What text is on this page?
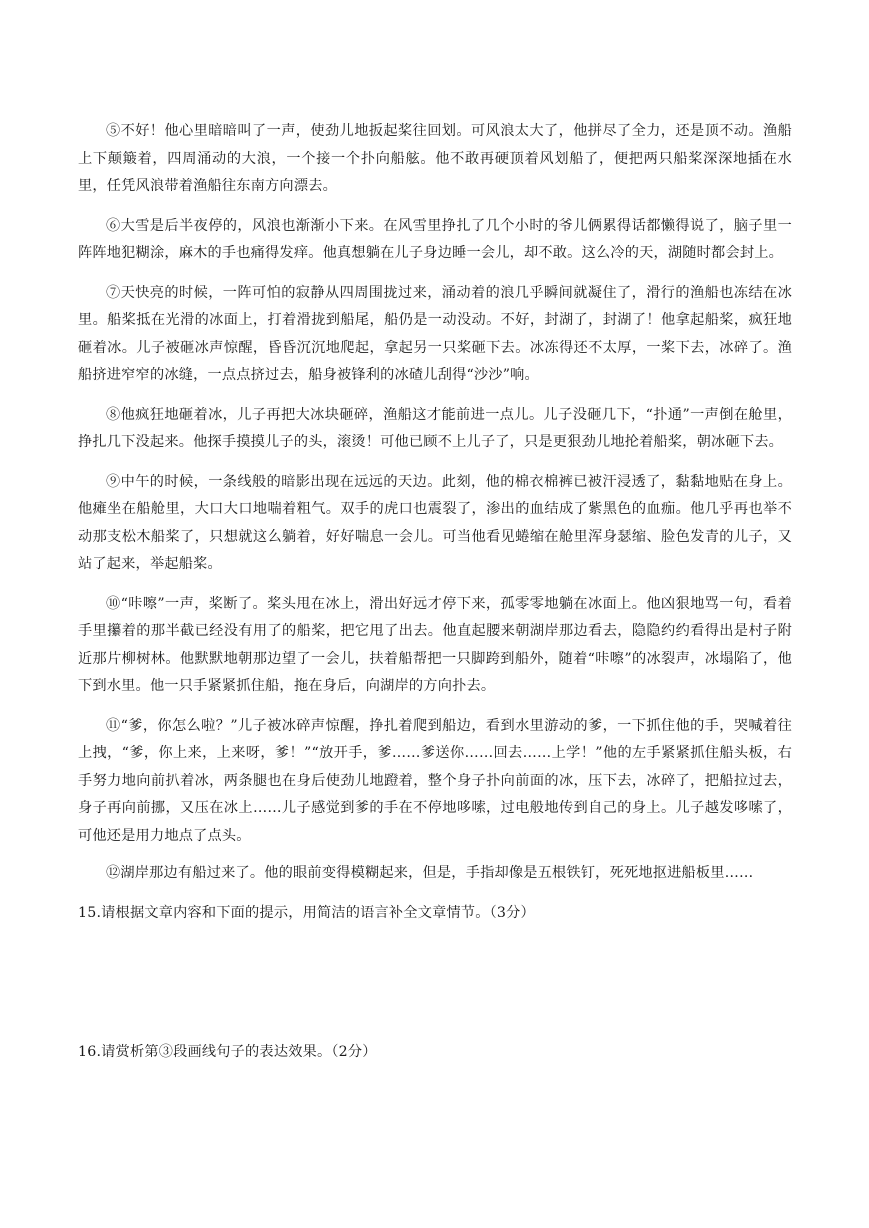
⑤不好！他心里暗暗叫了一声，使劲儿地扳起桨往回划。可风浪太大了，他拼尽了全力，还是顶不动。渔船上下颠簸着，四周涌动的大浪，一个接一个扑向船舷。他不敢再硬顶着风划船了，便把两只船桨深深地插在水里，任凭风浪带着渔船往东南方向漂去。

⑥大雪是后半夜停的，风浪也渐渐小下来。在风雪里挣扎了几个小时的爷儿俩累得话都懒得说了，脑子里一阵阵地犯糊涂，麻木的手也痛得发痒。他真想躺在儿子身边睡一会儿，却不敢。这么冷的天，湖随时都会封上。

⑦天快亮的时候，一阵可怕的寂静从四周围拢过来，涌动着的浪几乎瞬间就凝住了，滑行的渔船也冻结在冰里。船桨抵在光滑的冰面上，打着滑拢到船尾，船仍是一动没动。不好，封湖了，封湖了！他拿起船桨，疯狂地砸着冰。儿子被砸冰声惊醒，昏昏沉沉地爬起，拿起另一只桨砸下去。冰冻得还不太厚，一桨下去，冰碎了。渔船挤进窄窄的冰缝，一点点挤过去，船身被锋利的冰碴儿刮得“沙沙”响。

⑧他疯狂地砸着冰，儿子再把大冰块砸碎，渔船这才能前进一点儿。儿子没砸几下，“扑通”一声倒在舱里，挣扎几下没起来。他探手摸摸儿子的头，滚烫！可他已顾不上儿子了，只是更狠劲儿地抡着船桨，朝冰砸下去。

⑨中午的时候，一条线般的暗影出现在远远的天边。此刻，他的棉衣棉裤已被汗浸透了，黏黏地贴在身上。他瘫坐在船舱里，大口大口地喘着粗气。双手的虎口也震裂了，渗出的血结成了紫黑色的血痂。他几乎再也举不动那支松木船桨了，只想就这么躺着，好好喘息一会儿。可当他看见蜷缩在舱里浑身瑟缩、脸色发青的儿子，又站了起来，举起船桨。

⑩“咔嚓”一声，桨断了。桨头甩在冰上，滑出好远才停下来，孤零零地躺在冰面上。他凶狠地骂一句，看着手里攥着的那半截已经没有用了的船桨，把它甩了出去。他直起腰来朝湖岸那边看去，隐隐约约看得出是村子附近那片柳树林。他默默地朝那边望了一会儿，扶着船帮把一只脚跨到船外，随着“咔嚓”的冰裂声，冰塌陷了，他下到水里。他一只手紧紧抓住船，拖在身后，向湖岸的方向扑去。

⑪“爹，你怎么啦？”儿子被冰碎声惊醒，挣扎着爬到船边，看到水里游动的爹，一下抓住他的手，哭喊着往上拽，“爹，你上来，上来呀，爹！”“放开手，爹……爹送你……回去……上学！”他的左手紧紧抓住船头板，右手努力地向前扒着冰，两条腿也在身后使劲儿地蹬着，整个身子扑向前面的冰，压下去，冰碎了，把船拉过去，身子再向前挪，又压在冰上……儿子感觉到爹的手在不停地哆嗦，过电般地传到自己的身上。儿子越发哆嗦了，可他还是用力地点了点头。

⑫湖岸那边有船过来了。他的眼前变得模糊起来，但是，手指却像是五根铁钉，死死地抠进船板里……

15.请根据文章内容和下面的提示，用简洁的语言补全文章情节。（3分）

16.请赏析第③段画线句子的表达效果。（2分）
